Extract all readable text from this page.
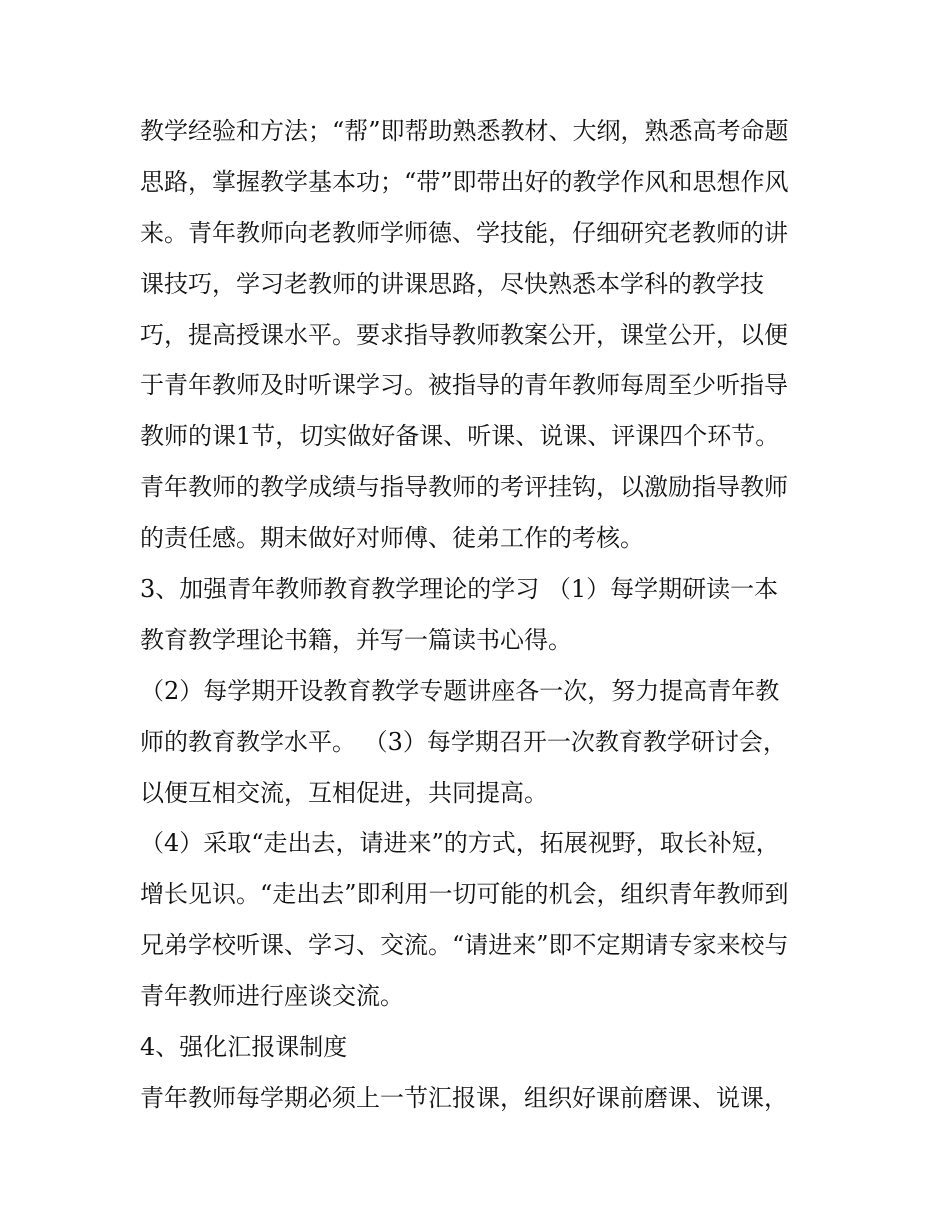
教学经验和方法；“帮”即帮助熟悉教材、大纲，熟悉高考命题
思路，掌握教学基本功；“带”即带出好的教学作风和思想作风
来。青年教师向老教师学师德、学技能，仔细研究老教师的讲
课技巧，学习老教师的讲课思路，尽快熟悉本学科的教学技
巧，提高授课水平。要求指导教师教案公开，课堂公开，以便
于青年教师及时听课学习。被指导的青年教师每周至少听指导
教师的课1节，切实做好备课、听课、说课、评课四个环节。
青年教师的教学成绩与指导教师的考评挂钩，以激励指导教师
的责任感。期末做好对师傅、徒弟工作的考核。
3、加强青年教师教育教学理论的学习 （1）每学期研读一本
教育教学理论书籍，并写一篇读书心得。
（2）每学期开设教育教学专题讲座各一次，努力提高青年教
师的教育教学水平。 （3）每学期召开一次教育教学研讨会，
以便互相交流，互相促进，共同提高。
（4）采取“走出去，请进来”的方式，拓展视野，取长补短，
增长见识。“走出去”即利用一切可能的机会，组织青年教师到
兄弟学校听课、学习、交流。“请进来”即不定期请专家来校与
青年教师进行座谈交流。
4、强化汇报课制度
青年教师每学期必须上一节汇报课，组织好课前磨课、说课，
